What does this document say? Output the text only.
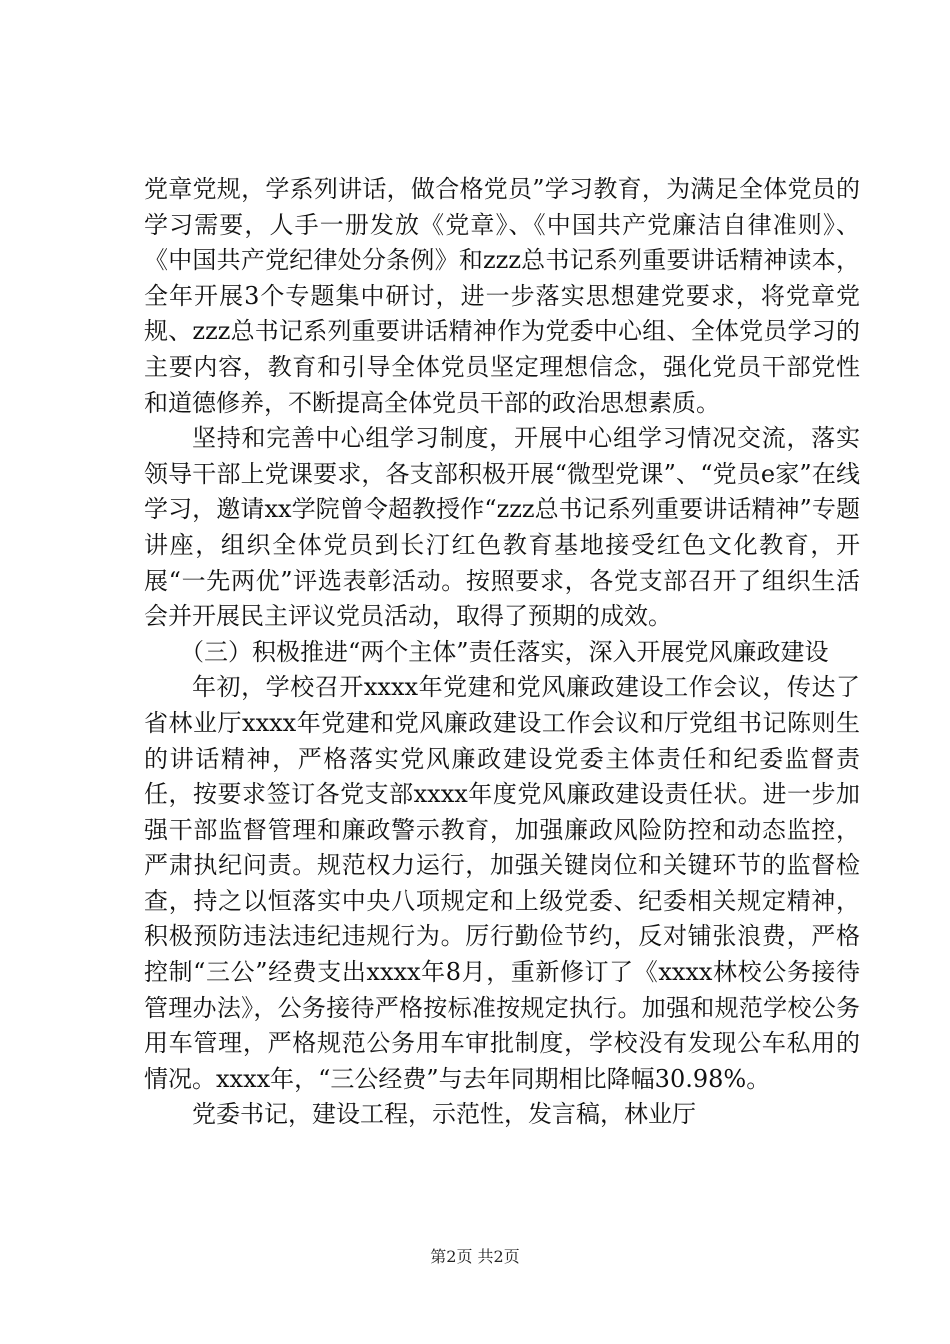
党章党规，学系列讲话，做合格党员”学习教育，为满足全体党员的学习需要，人手一册发放《党章》、《中国共产党廉洁自律准则》、《中国共产党纪律处分条例》和zzz总书记系列重要讲话精神读本，全年开展3个专题集中研讨，进一步落实思想建党要求，将党章党规、zzz总书记系列重要讲话精神作为党委中心组、全体党员学习的主要内容，教育和引导全体党员坚定理想信念，强化党员干部党性和道德修养，不断提高全体党员干部的政治思想素质。

坚持和完善中心组学习制度，开展中心组学习情况交流，落实领导干部上党课要求，各支部积极开展“微型党课”、“党员e家”在线学习，邀请xx学院曾令超教授作“zzz总书记系列重要讲话精神”专题讲座，组织全体党员到长汀红色教育基地接受红色文化教育，开展“一先两优”评选表彰活动。按照要求，各党支部召开了组织生活会并开展民主评议党员活动，取得了预期的成效。

（三）积极推进“两个主体”责任落实，深入开展党风廉政建设

年初，学校召开xxxx年党建和党风廉政建设工作会议，传达了省林业厅xxxx年党建和党风廉政建设工作会议和厅党组书记陈则生的讲话精神，严格落实党风廉政建设党委主体责任和纪委监督责任，按要求签订各党支部xxxx年度党风廉政建设责任状。进一步加强干部监督管理和廉政警示教育，加强廉政风险防控和动态监控，严肃执纪问责。规范权力运行，加强关键岗位和关键环节的监督检查，持之以恒落实中央八项规定和上级党委、纪委相关规定精神，积极预防违法违纪违规行为。厉行勤俭节约，反对铺张浪费，严格控制“三公”经费支出xxxx年8月，重新修订了《xxxx林校公务接待管理办法》，公务接待严格按标准按规定执行。加强和规范学校公务用车管理，严格规范公务用车审批制度，学校没有发现公车私用的情况。xxxx年，“三公经费”与去年同期相比降幅30.98%。

党委书记，建设工程，示范性，发言稿，林业厅

第2页 共2页
